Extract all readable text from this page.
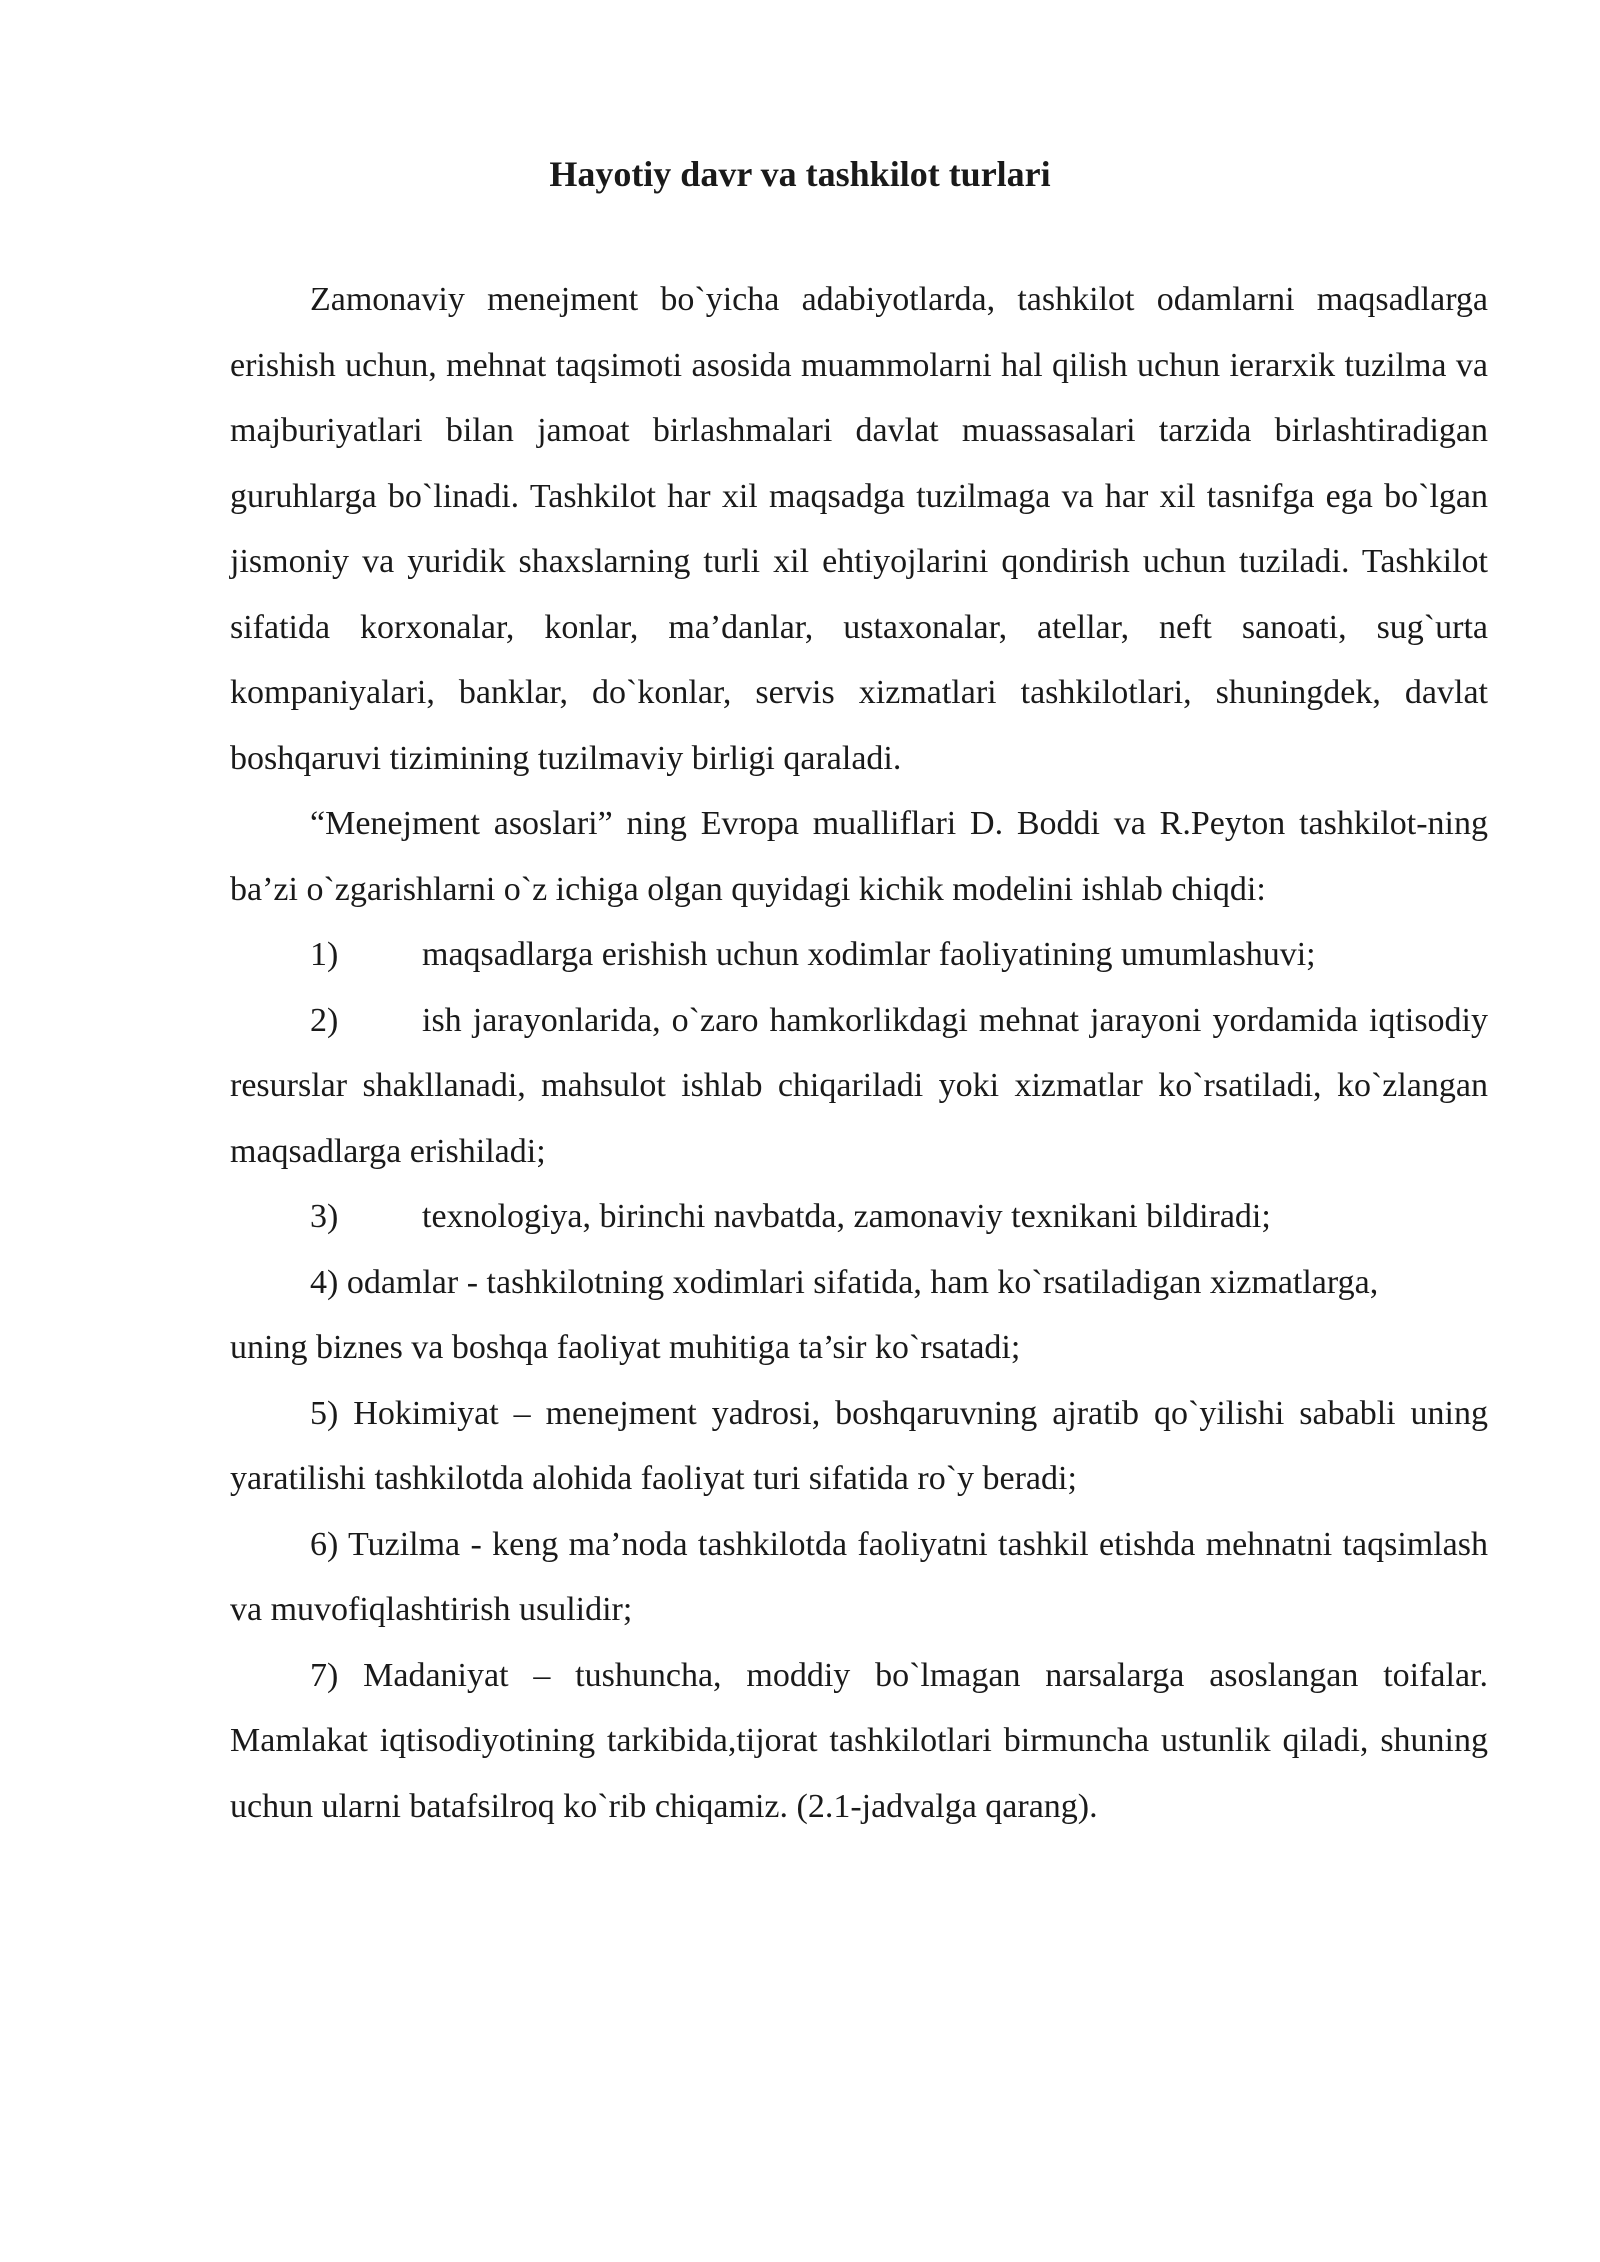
Hayotiy davr va tashkilot turlari

Zamonaviy menejment bo`yicha adabiyotlarda, tashkilot odamlarni maqsadlarga erishish uchun, mehnat taqsimoti asosida muammolarni hal qilish uchun ierarxik tuzilma va majburiyatlari bilan jamoat birlashmalari davlat muassasalari tarzida birlashtiradigan guruhlarga bo`linadi. Tashkilot har xil maqsadga tuzilmaga va har xil tasnifga ega bo`lgan jismoniy va yuridik shaxslarning turli xil ehtiyojlarini qondirish uchun tuziladi. Tashkilot sifatida korxonalar, konlar, ma’danlar, ustaxonalar, atellar, neft sanoati, sug`urta kompaniyalari, banklar, do`konlar, servis xizmatlari tashkilotlari, shuningdek, davlat boshqaruvi tizimining tuzilmaviy birligi qaraladi.

“Menejment asoslari” ning Evropa mualliflari D. Boddi va R.Peyton tashkilot-ning ba’zi o`zgarishlarni o`z ichiga olgan quyidagi kichik modelini ishlab chiqdi:

1) maqsadlarga erishish uchun xodimlar faoliyatining umumlashuvi;

2) ish jarayonlarida, o`zaro hamkorlikdagi mehnat jarayoni yordamida iqtisodiy resurslar shakllanadi, mahsulot ishlab chiqariladi yoki xizmatlar ko`rsatiladi, ko`zlangan maqsadlarga erishiladi;

3) texnologiya, birinchi navbatda, zamonaviy texnikani bildiradi;

4) odamlar - tashkilotning xodimlari sifatida, ham ko`rsatiladigan xizmatlarga,

uning biznes va boshqa faoliyat muhitiga ta’sir ko`rsatadi;

5) Hokimiyat – menejment yadrosi, boshqaruvning ajratib qo`yilishi sababli uning yaratilishi tashkilotda alohida faoliyat turi sifatida ro`y beradi;

6) Tuzilma - keng ma’noda tashkilotda faoliyatni tashkil etishda mehnatni taqsimlash va muvofiqlashtirish usulidir;

7) Madaniyat – tushuncha, moddiy bo`lmagan narsalarga asoslangan toifalar. Mamlakat iqtisodiyotining tarkibida,tijorat tashkilotlari birmuncha ustunlik qiladi, shuning uchun ularni batafsilroq ko`rib chiqamiz. (2.1-jadvalga qarang).
